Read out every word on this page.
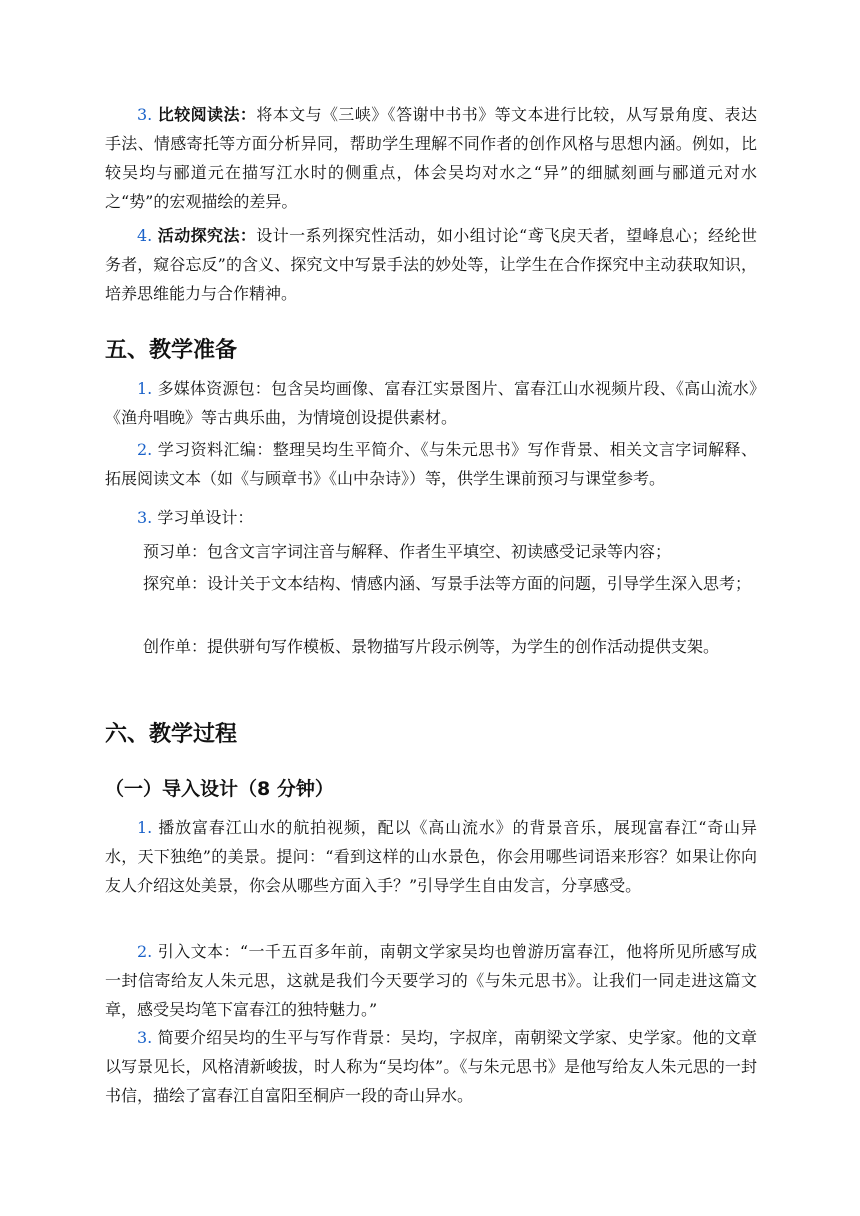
3. 比较阅读法：将本文与《三峡》《答谢中书书》等文本进行比较，从写景角度、表达手法、情感寄托等方面分析异同，帮助学生理解不同作者的创作风格与思想内涵。例如，比较吴均与郦道元在描写江水时的侧重点，体会吴均对水之“异”的细腻刻画与郦道元对水之“势”的宏观描绘的差异。

4. 活动探究法：设计一系列探究性活动，如小组讨论“鸢飞戾天者，望峰息心；经纶世务者，窥谷忘反”的含义、探究文中写景手法的妙处等，让学生在合作探究中主动获取知识，培养思维能力与合作精神。

五、教学准备

1. 多媒体资源包：包含吴均画像、富春江实景图片、富春江山水视频片段、《高山流水》《渔舟唱晚》等古典乐曲，为情境创设提供素材。

2. 学习资料汇编：整理吴均生平简介、《与朱元思书》写作背景、相关文言字词解释、拓展阅读文本（如《与顾章书》《山中杂诗》）等，供学生课前预习与课堂参考。

3. 学习单设计：

预习单：包含文言字词注音与解释、作者生平填空、初读感受记录等内容；

探究单：设计关于文本结构、情感内涵、写景手法等方面的问题，引导学生深入思考；

创作单：提供骈句写作模板、景物描写片段示例等，为学生的创作活动提供支架。

六、教学过程
（一）导入设计（8 分钟）

1. 播放富春江山水的航拍视频，配以《高山流水》的背景音乐，展现富春江“奇山异水，天下独绝”的美景。提问：“看到这样的山水景色，你会用哪些词语来形容？如果让你向友人介绍这处美景，你会从哪些方面入手？”引导学生自由发言，分享感受。

2. 引入文本：“一千五百多年前，南朝文学家吴均也曾游历富春江，他将所见所感写成一封信寄给友人朱元思，这就是我们今天要学习的《与朱元思书》。让我们一同走进这篇文章，感受吴均笔下富春江的独特魅力。”

3. 简要介绍吴均的生平与写作背景：吴均，字叔庠，南朝梁文学家、史学家。他的文章以写景见长，风格清新峻拔，时人称为“吴均体”。《与朱元思书》是他写给友人朱元思的一封书信，描绘了富春江自富阳至桐庐一段的奇山异水。
